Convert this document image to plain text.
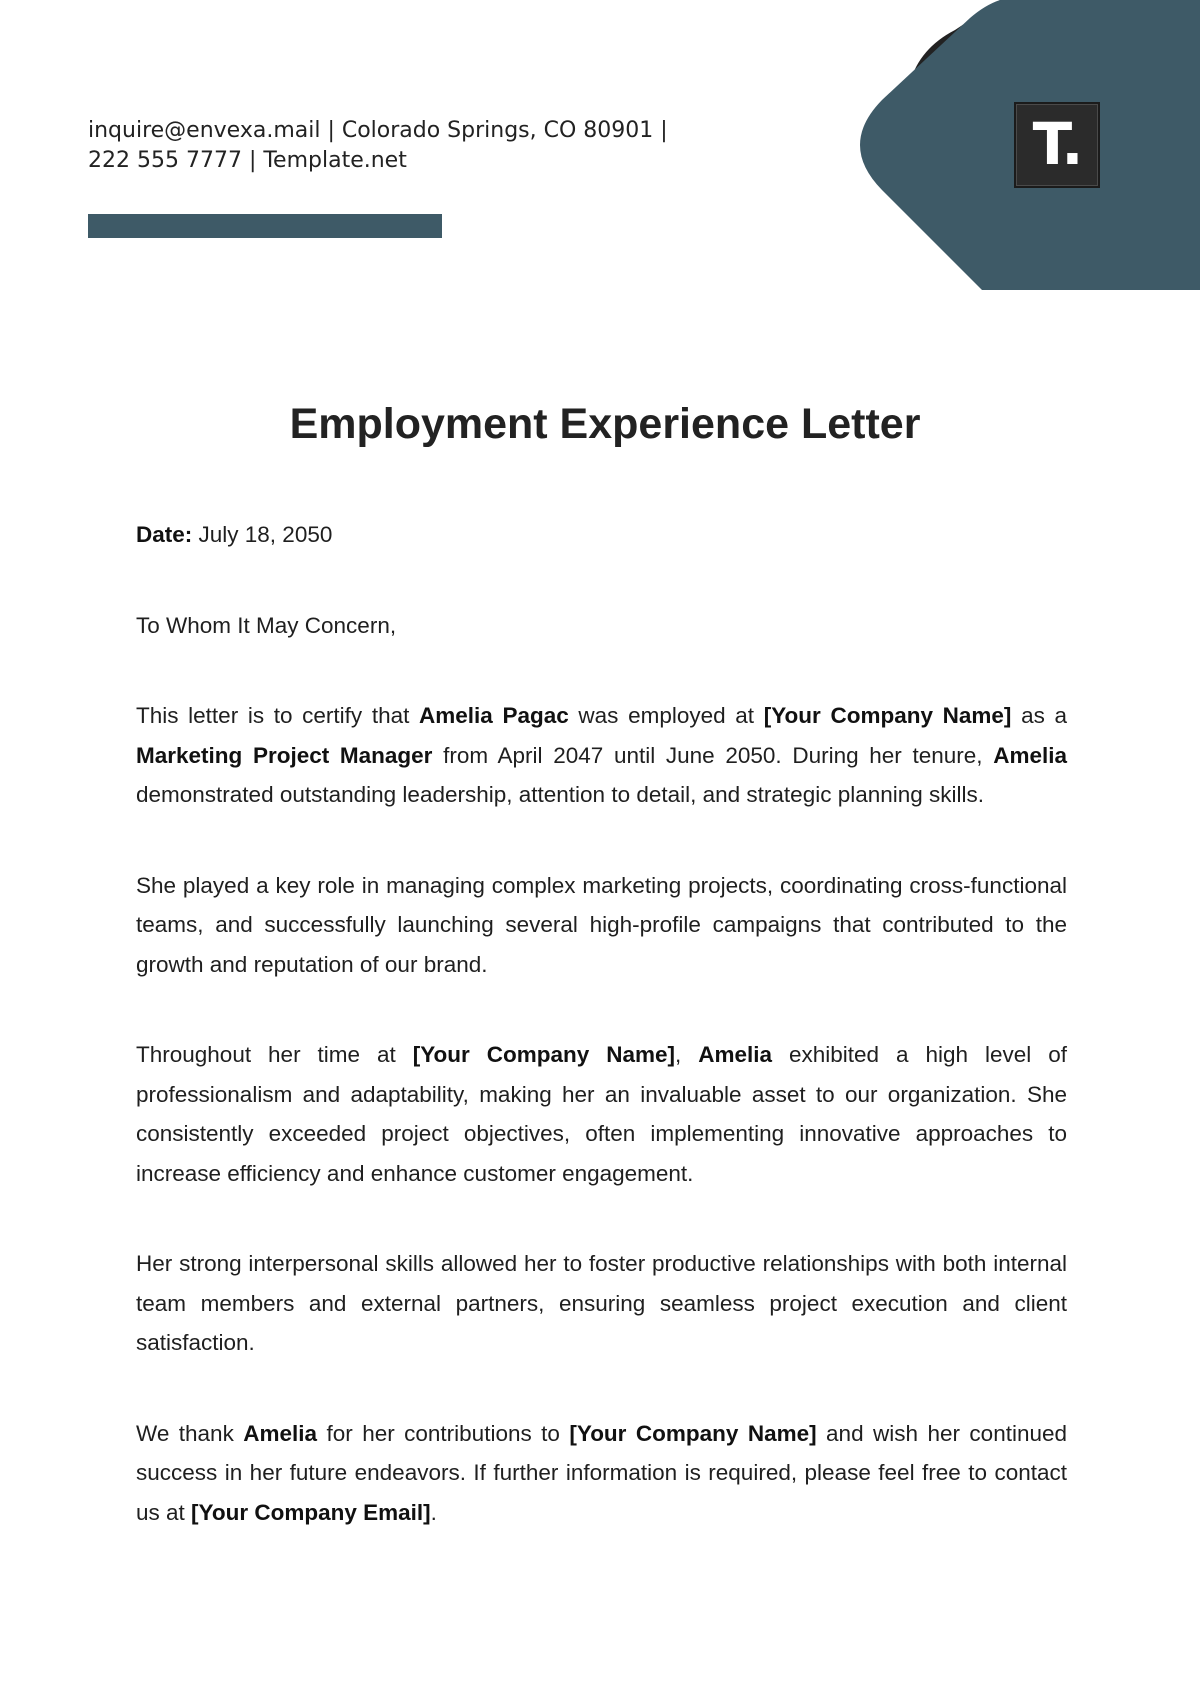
T.
inquire@envexa.mail | Colorado Springs, CO 80901 |
222 555 7777 | Template.net
Employment Experience Letter

Date: July 18, 2050

To Whom It May Concern,

This letter is to certify that Amelia Pagac was employed at [Your Company Name] as a Marketing Project Manager from April 2047 until June 2050. During her tenure, Amelia demonstrated outstanding leadership, attention to detail, and strategic planning skills.

She played a key role in managing complex marketing projects, coordinating cross-functional teams, and successfully launching several high-profile campaigns that contributed to the growth and reputation of our brand.

Throughout her time at [Your Company Name], Amelia exhibited a high level of professionalism and adaptability, making her an invaluable asset to our organization. She consistently exceeded project objectives, often implementing innovative approaches to increase efficiency and enhance customer engagement.

Her strong interpersonal skills allowed her to foster productive relationships with both internal team members and external partners, ensuring seamless project execution and client satisfaction.

We thank Amelia for her contributions to [Your Company Name] and wish her continued success in her future endeavors. If further information is required, please feel free to contact us at [Your Company Email].
